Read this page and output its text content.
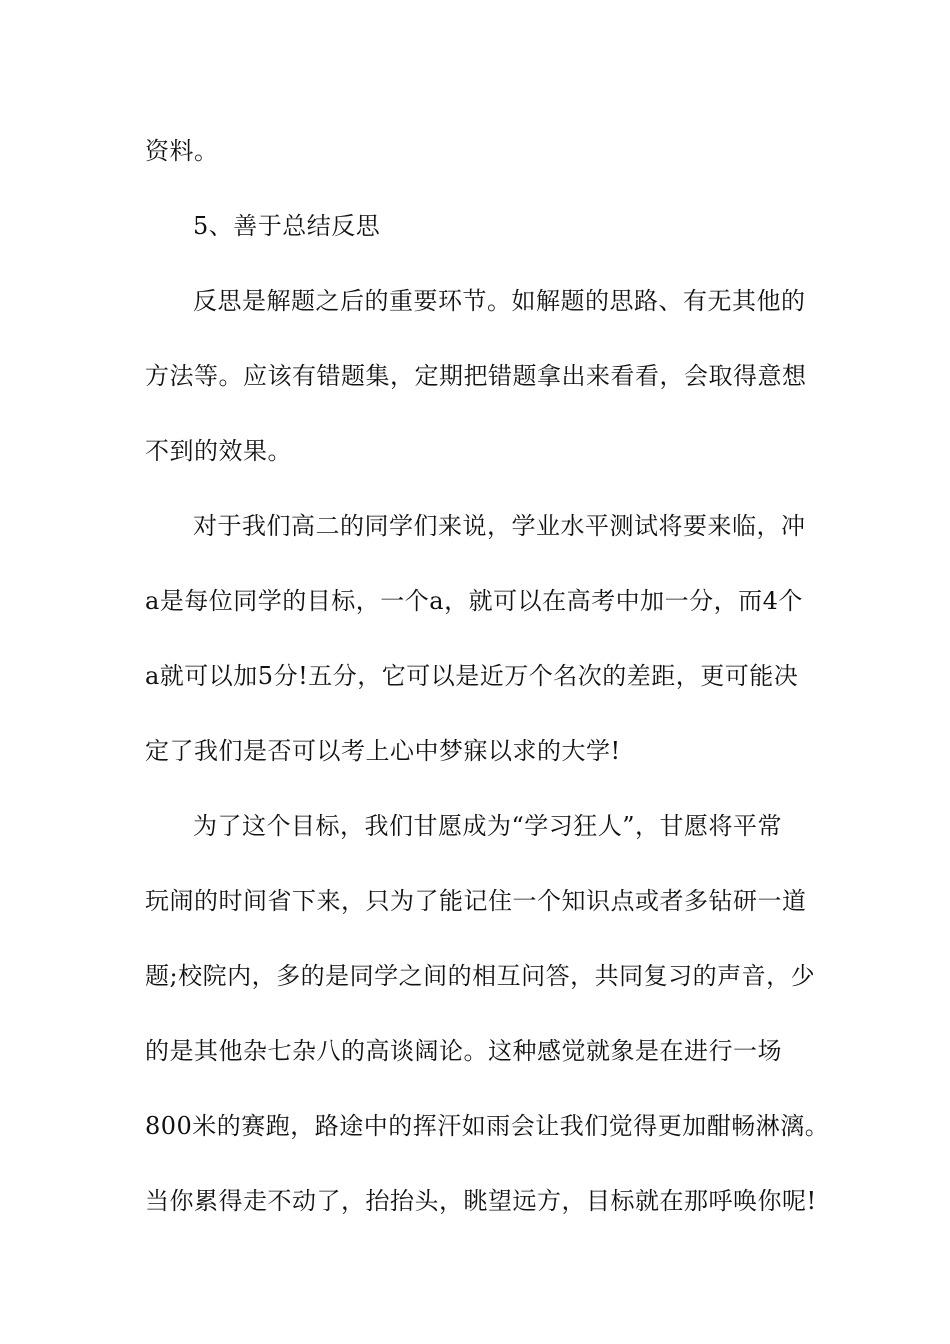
资料。
5、善于总结反思
反思是解题之后的重要环节。如解题的思路、有无其他的
方法等。应该有错题集，定期把错题拿出来看看，会取得意想
不到的效果。
对于我们高二的同学们来说，学业水平测试将要来临，冲
a是每位同学的目标，一个a，就可以在高考中加一分，而4个
a就可以加5分!五分，它可以是近万个名次的差距，更可能决
定了我们是否可以考上心中梦寐以求的大学!
为了这个目标，我们甘愿成为“学习狂人”，甘愿将平常
玩闹的时间省下来，只为了能记住一个知识点或者多钻研一道
题;校院内，多的是同学之间的相互问答，共同复习的声音，少
的是其他杂七杂八的高谈阔论。这种感觉就象是在进行一场
800米的赛跑，路途中的挥汗如雨会让我们觉得更加酣畅淋漓。
当你累得走不动了，抬抬头，眺望远方，目标就在那呼唤你呢!
